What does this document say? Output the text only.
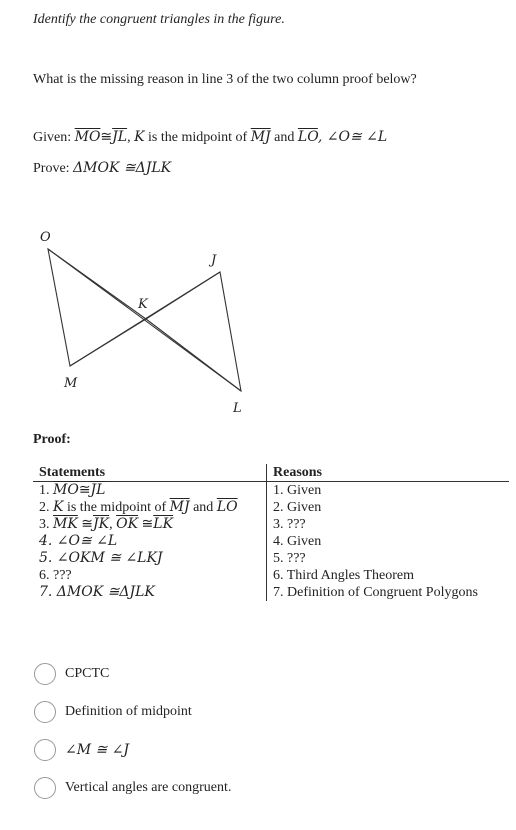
Identify the congruent triangles in the figure.
What is the missing reason in line 3 of the two column proof below?
Given: $\overline{MO}≅\overline{JL}$, K is the midpoint of $\overline{MJ}$ and $\overline{LO}$, ∠O≅ ∠L
Prove: ΔMOK ≅ΔJLK
O
J
K
M
L
Proof:
Statements	Reasons
1. $\overline{MO}≅\overline{JL}$	1. Given
2. K is the midpoint of $\overline{MJ}$ and $\overline{LO}$	2. Given
3. $\overline{MK}$ $≅\overline{JK}$, $\overline{OK}$ $≅\overline{LK}$	3. ???
4. ∠O≅ ∠L	4. Given
5. ∠OKM ≅ ∠LKJ	5. ???
6. ???	6. Third Angles Theorem
7. ΔMOK ≅ΔJLK	7. Definition of Congruent Polygons
CPCTC
Definition of midpoint
∠M ≅ ∠J
Vertical angles are congruent.
